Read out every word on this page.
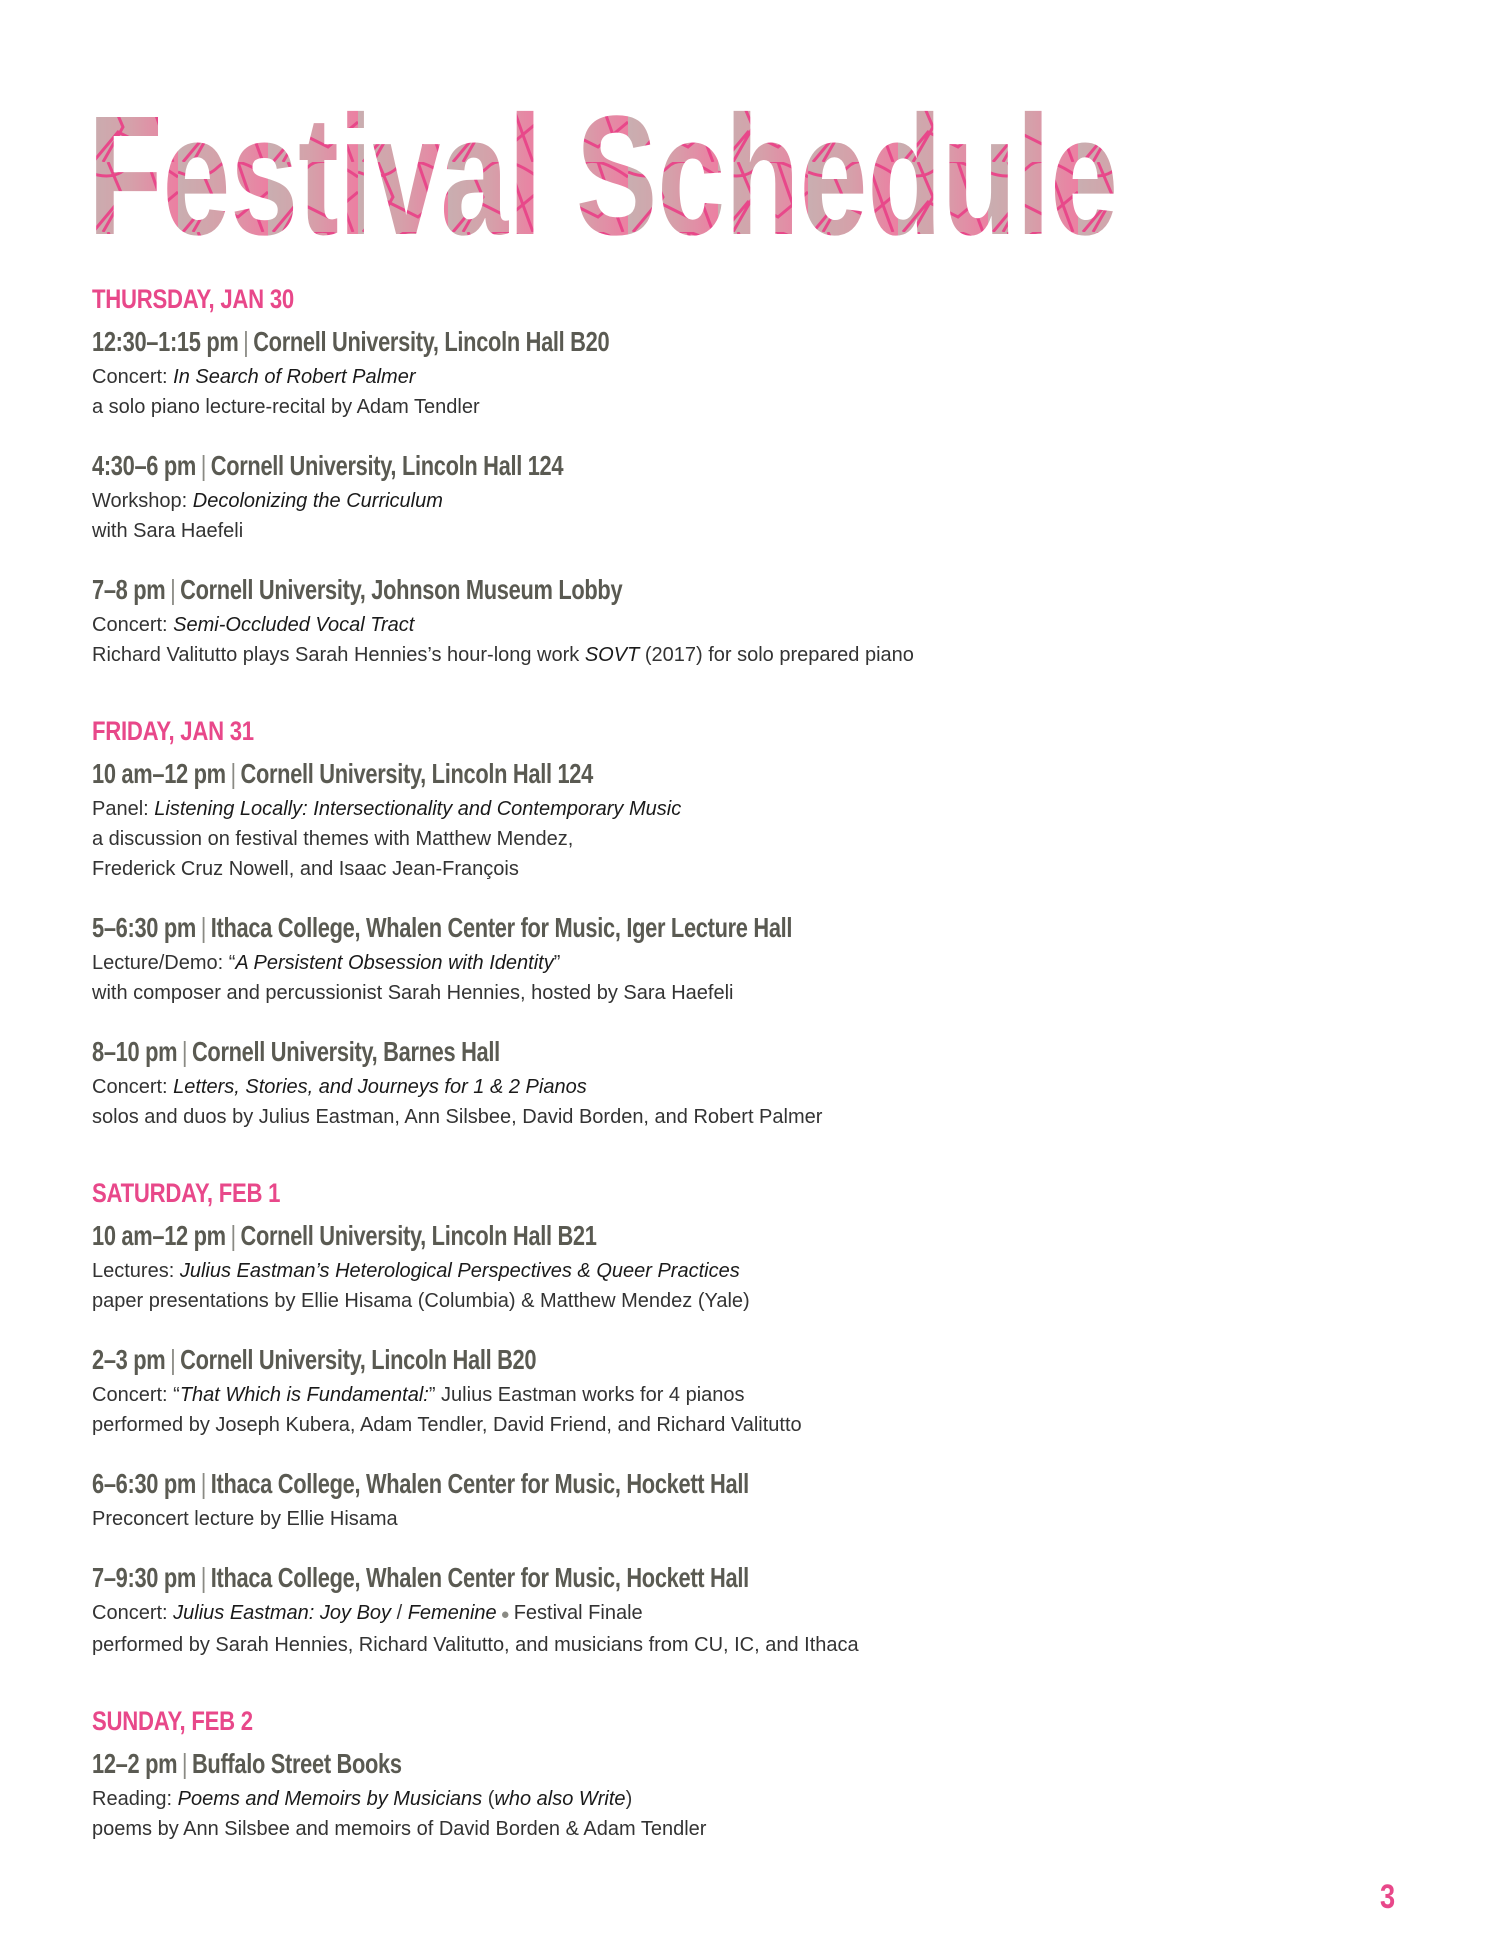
Festival Schedule
THURSDAY, JAN 30
12:30–1:15 pm | Cornell University, Lincoln Hall B20
Concert: In Search of Robert Palmer
a solo piano lecture-recital by Adam Tendler
4:30–6 pm | Cornell University, Lincoln Hall 124
Workshop: Decolonizing the Curriculum
with Sara Haefeli
7–8 pm | Cornell University, Johnson Museum Lobby
Concert: Semi-Occluded Vocal Tract
Richard Valitutto plays Sarah Hennies’s hour-long work SOVT (2017) for solo prepared piano
FRIDAY, JAN 31
10 am–12 pm | Cornell University, Lincoln Hall 124
Panel: Listening Locally: Intersectionality and Contemporary Music
a discussion on festival themes with Matthew Mendez,
Frederick Cruz Nowell, and Isaac Jean-François
5–6:30 pm | Ithaca College, Whalen Center for Music, Iger Lecture Hall
Lecture/Demo: “A Persistent Obsession with Identity”
with composer and percussionist Sarah Hennies, hosted by Sara Haefeli
8–10 pm | Cornell University, Barnes Hall
Concert: Letters, Stories, and Journeys for 1 & 2 Pianos
solos and duos by Julius Eastman, Ann Silsbee, David Borden, and Robert Palmer
SATURDAY, FEB 1
10 am–12 pm | Cornell University, Lincoln Hall B21
Lectures: Julius Eastman’s Heterological Perspectives & Queer Practices
paper presentations by Ellie Hisama (Columbia) & Matthew Mendez (Yale)
2–3 pm | Cornell University, Lincoln Hall B20
Concert: “That Which is Fundamental:” Julius Eastman works for 4 pianos
performed by Joseph Kubera, Adam Tendler, David Friend, and Richard Valitutto
6–6:30 pm | Ithaca College, Whalen Center for Music, Hockett Hall
Preconcert lecture by Ellie Hisama
7–9:30 pm | Ithaca College, Whalen Center for Music, Hockett Hall
Concert: Julius Eastman: Joy Boy / Femenine ● Festival Finale
performed by Sarah Hennies, Richard Valitutto, and musicians from CU, IC, and Ithaca
SUNDAY, FEB 2
12–2 pm | Buffalo Street Books
Reading: Poems and Memoirs by Musicians (who also Write)
poems by Ann Silsbee and memoirs of David Borden & Adam Tendler
3
